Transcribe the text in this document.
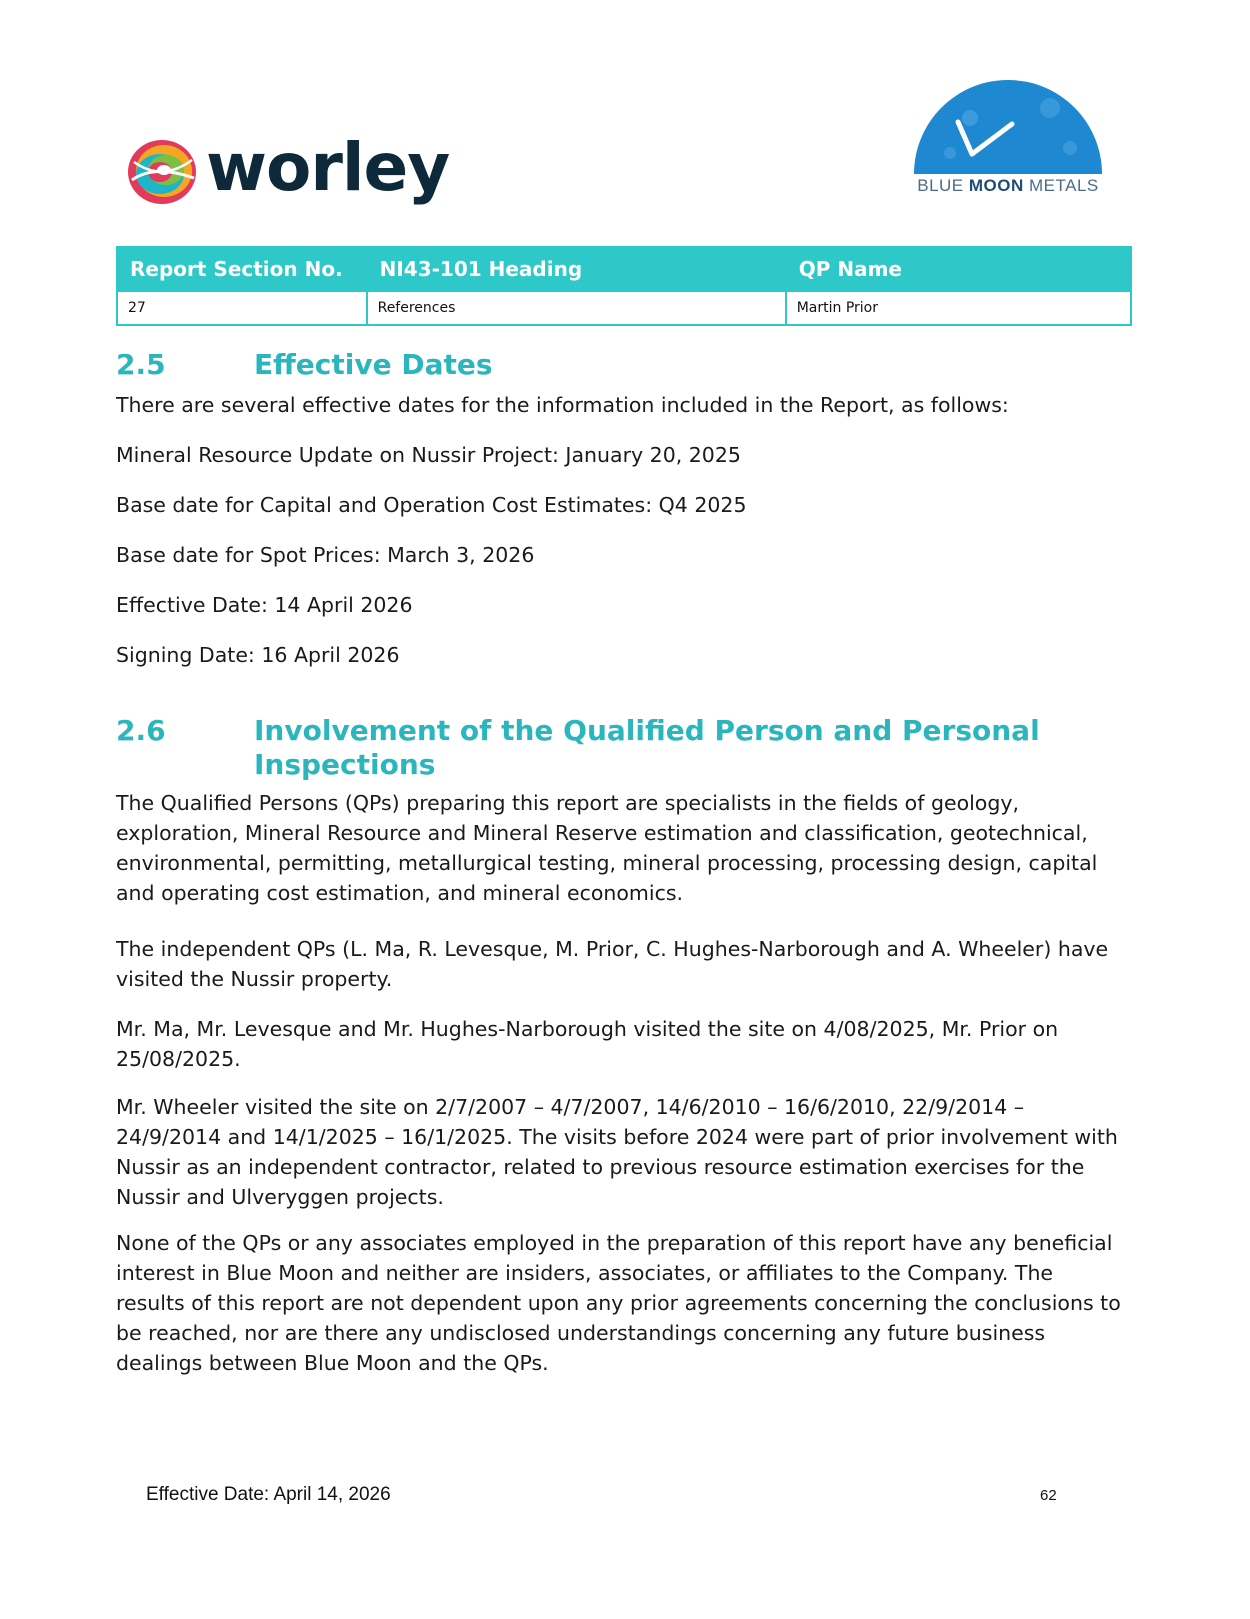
worley	BLUE MOON METALS
Report Section No.	NI43-101 Heading	QP Name
27	References	Martin Prior
2.5	Effective Dates
There are several effective dates for the information included in the Report, as follows:
Mineral Resource Update on Nussir Project: January 20, 2025
Base date for Capital and Operation Cost Estimates: Q4 2025
Base date for Spot Prices: March 3, 2026
Effective Date: 14 April 2026
Signing Date: 16 April 2026
2.6	Involvement of the Qualified Person and Personal Inspections
The Qualified Persons (QPs) preparing this report are specialists in the fields of geology, exploration, Mineral Resource and Mineral Reserve estimation and classification, geotechnical, environmental, permitting, metallurgical testing, mineral processing, processing design, capital and operating cost estimation, and mineral economics.
The independent QPs (L. Ma, R. Levesque, M. Prior, C. Hughes-Narborough and A. Wheeler) have visited the Nussir property.
Mr. Ma, Mr. Levesque and Mr. Hughes-Narborough visited the site on 4/08/2025, Mr. Prior on 25/08/2025.
Mr. Wheeler visited the site on 2/7/2007 – 4/7/2007, 14/6/2010 – 16/6/2010, 22/9/2014 – 24/9/2014 and 14/1/2025 – 16/1/2025. The visits before 2024 were part of prior involvement with Nussir as an independent contractor, related to previous resource estimation exercises for the Nussir and Ulveryggen projects.
None of the QPs or any associates employed in the preparation of this report have any beneficial interest in Blue Moon and neither are insiders, associates, or affiliates to the Company. The results of this report are not dependent upon any prior agreements concerning the conclusions to be reached, nor are there any undisclosed understandings concerning any future business dealings between Blue Moon and the QPs.
Effective Date: April 14, 2026	62
